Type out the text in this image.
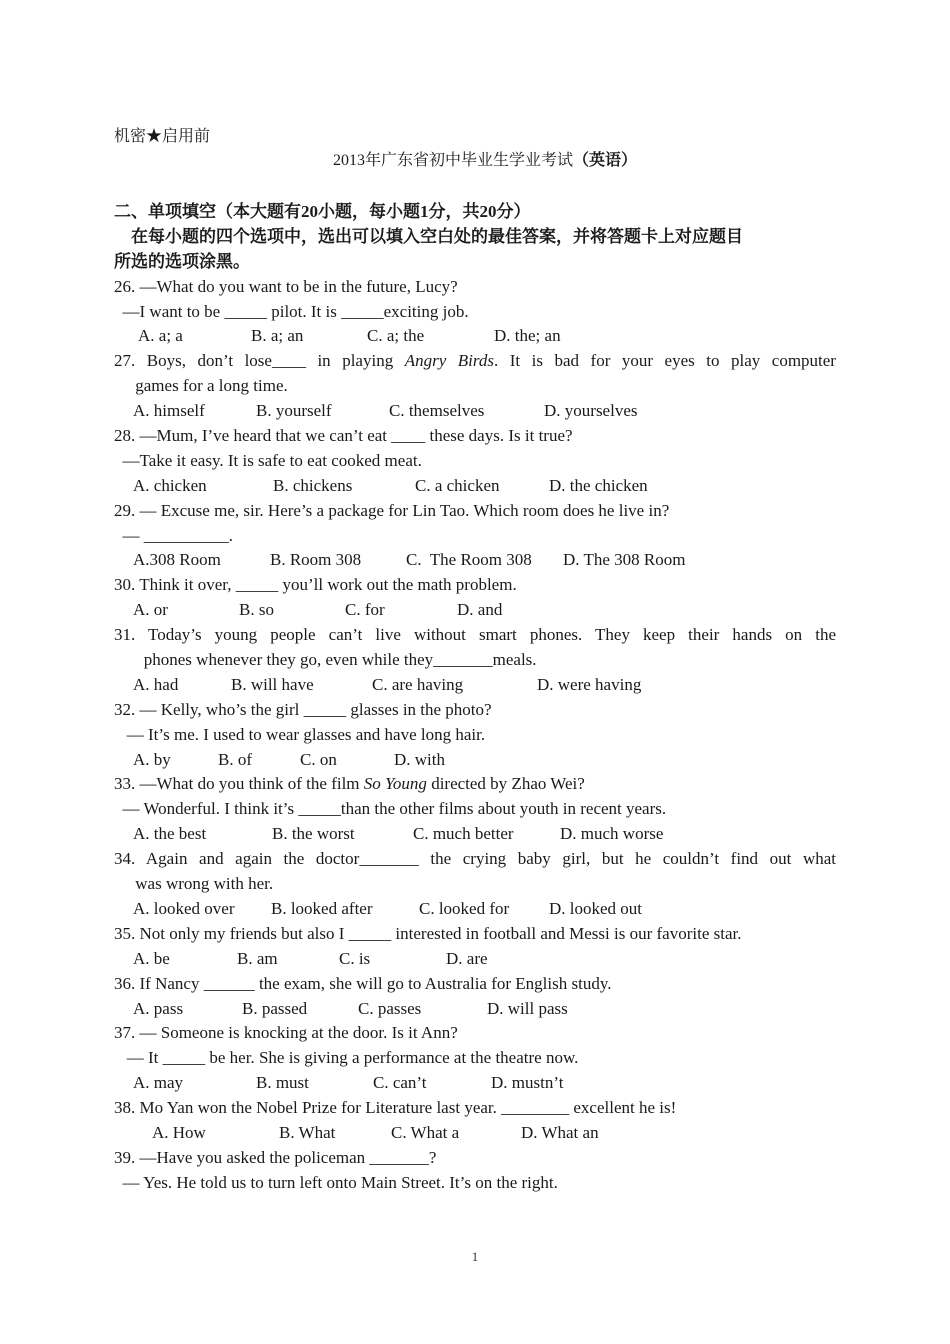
机密★启用前
2013年广东省初中毕业生学业考试（英语）
二、单项填空（本大题有20小题，每小题1分，共20分）
　在每小题的四个选项中，选出可以填入空白处的最佳答案，并将答题卡上对应题目
所选的选项涂黑。
26. —What do you want to be in the future, Lucy?
—I want to be _____ pilot. It is _____exciting job.
A. a; a	B. a; an	C. a; the	D. the; an
27. Boys, don’t lose____ in playing Angry Birds. It is bad for your eyes to play computer
games for a long time.
A. himself	B. yourself	C. themselves	D. yourselves
28. —Mum, I’ve heard that we can’t eat ____ these days. Is it true?
—Take it easy. It is safe to eat cooked meat.
A. chicken	B. chickens	C. a chicken	D. the chicken
29. — Excuse me, sir. Here’s a package for Lin Tao. Which room does he live in?
— __________.
A.308 Room	B. Room 308	C.  The Room 308	D. The 308 Room
30. Think it over, _____ you’ll work out the math problem.
A. or	B. so	C. for	D. and
31. Today’s young people can’t live without smart phones. They keep their hands on the
phones whenever they go, even while they_______meals.
A. had	B. will have	C. are having	D. were having
32. — Kelly, who’s the girl _____ glasses in the photo?
— It’s me. I used to wear glasses and have long hair.
A. by	B. of	C. on	D. with
33. —What do you think of the film So Young directed by Zhao Wei?
— Wonderful. I think it’s _____than the other films about youth in recent years.
A. the best	B. the worst	C. much better	D. much worse
34. Again and again the doctor_______ the crying baby girl, but he couldn’t find out what
was wrong with her.
A. looked over	B. looked after	C. looked for	D. looked out
35. Not only my friends but also I _____ interested in football and Messi is our favorite star.
A. be	B. am	C. is	D. are
36. If Nancy ______ the exam, she will go to Australia for English study.
A. pass	B. passed	C. passes	D. will pass
37. — Someone is knocking at the door. Is it Ann?
— It _____ be her. She is giving a performance at the theatre now.
A. may	B. must	C. can’t	D. mustn’t
38. Mo Yan won the Nobel Prize for Literature last year. ________ excellent he is!
A. How	B. What	C. What a	D. What an
39. —Have you asked the policeman _______?
— Yes. He told us to turn left onto Main Street. It’s on the right.
1
